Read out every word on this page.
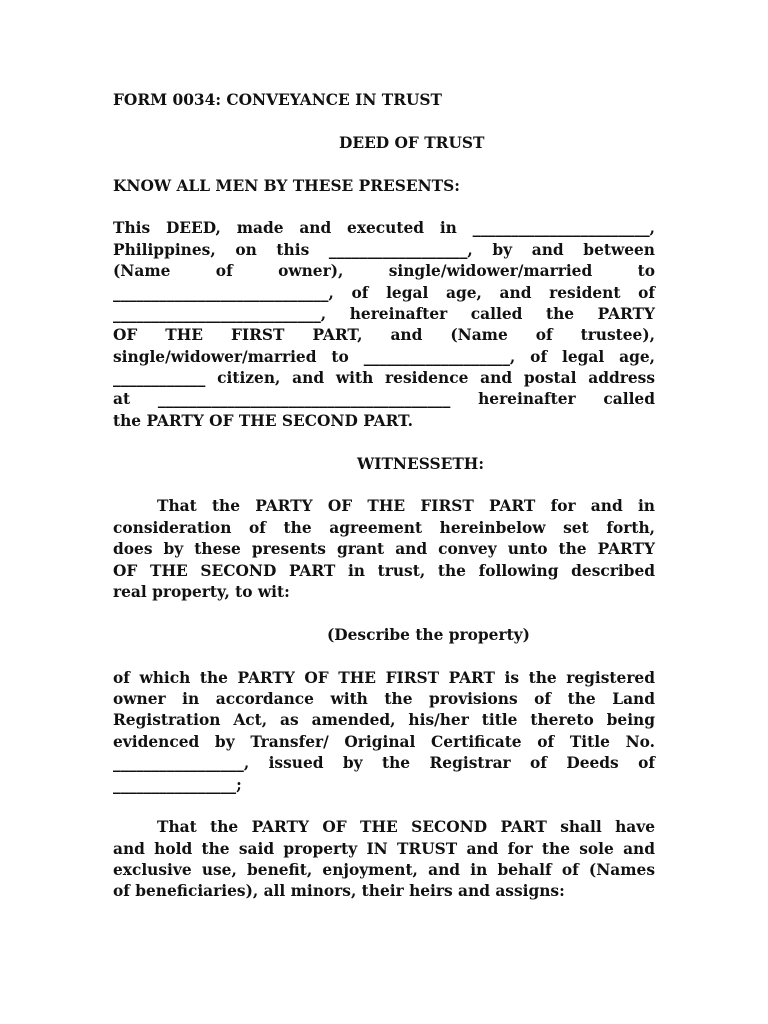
FORM 0034: CONVEYANCE IN TRUST
DEED OF TRUST
KNOW ALL MEN BY THESE PRESENTS:
This DEED, made and executed in _______________________,
Philippines, on this __________________, by and between
(Name of owner), single/widower/married to
____________________________, of legal age, and resident of
___________________________, hereinafter called the PARTY
OF THE FIRST PART, and (Name of trustee),
single/widower/married to ___________________, of legal age,
____________ citizen, and with residence and postal address
at ______________________________________ hereinafter called
the PARTY OF THE SECOND PART.
WITNESSETH:
That the PARTY OF THE FIRST PART for and in
consideration of the agreement hereinbelow set forth,
does by these presents grant and convey unto the PARTY
OF THE SECOND PART in trust, the following described
real property, to wit:
(Describe the property)
of which the PARTY OF THE FIRST PART is the registered
owner in accordance with the provisions of the Land
Registration Act, as amended, his/her title thereto being
evidenced by Transfer/ Original Certificate of Title No.
_________________, issued by the Registrar of Deeds of
________________;
That the PARTY OF THE SECOND PART shall have
and hold the said property IN TRUST and for the sole and
exclusive use, benefit, enjoyment, and in behalf of (Names
of beneficiaries), all minors, their heirs and assigns:
